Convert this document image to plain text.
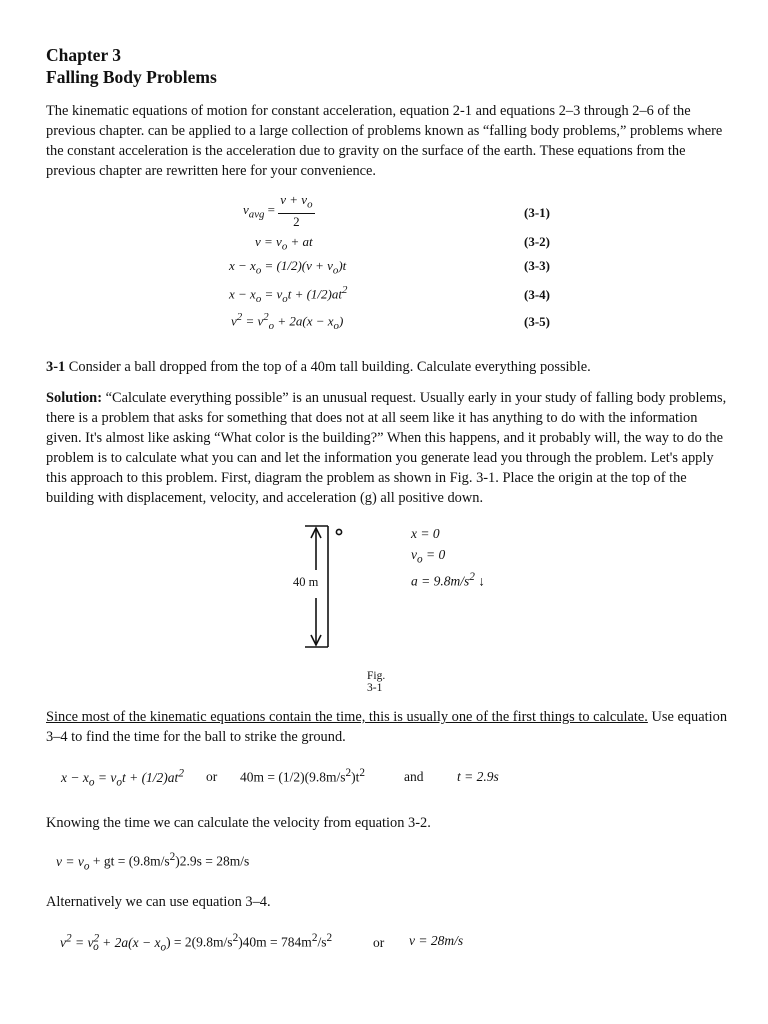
Chapter 3
Falling Body Problems

The kinematic equations of motion for constant acceleration, equation 2-1 and equations 2–3 through 2–6 of the previous chapter. can be applied to a large collection of problems known as “falling body problems,” problems where the constant acceleration is the acceleration due to gravity on the surface of the earth. These equations from the previous chapter are rewritten here for your convenience.

$v_{avg} = \frac{v + v_o}{2}$	(3-1)
$v = v_o$ + at	(3-2)
$x - x_o = (1/2)(v + v_o)t$	(3-3)
$x - x_o = v_ot + (1/2)at^2$	(3-4)
$v^2 = v^2_o + 2a(x - x_o)$	(3-5)

3-1 Consider a ball dropped from the top of a 40m tall building. Calculate everything possible.

Solution: “Calculate everything possible” is an unusual request. Usually early in your study of falling body problems, there is a problem that asks for something that does not at all seem like it has anything to do with the information given. It's almost like asking “What color is the building?” When this happens, and it probably will, the way to do the problem is to calculate what you can and let the information you generate lead you through the problem. Let's apply this approach to this problem. First, diagram the problem as shown in Fig. 3-1. Place the origin at the top of the building with displacement, velocity, and acceleration (g) all positive down.

40 m
x = 0
$v_o = 0$
$a = 9.8m/s^2$ ↓
Fig. 3-1

Since most of the kinematic equations contain the time, this is usually one of the first things to calculate. Use equation 3–4 to find the time for the ball to strike the ground.

$x - x_o = v_ot + (1/2)at^2$ or $40m = (1/2)(9.8m/s^2)t^2$	and t = 2.9s

Knowing the time we can calculate the velocity from equation 3-2.

$v = v_o$ + gt = $(9.8m/s^2)2.9s = 28m/s$

Alternatively we can use equation 3–4.

$v^2 = v^2_o + 2a(x - x_o) = 2(9.8m/s^2)40m = 784m^2/s^2$	or v = 28m/s
